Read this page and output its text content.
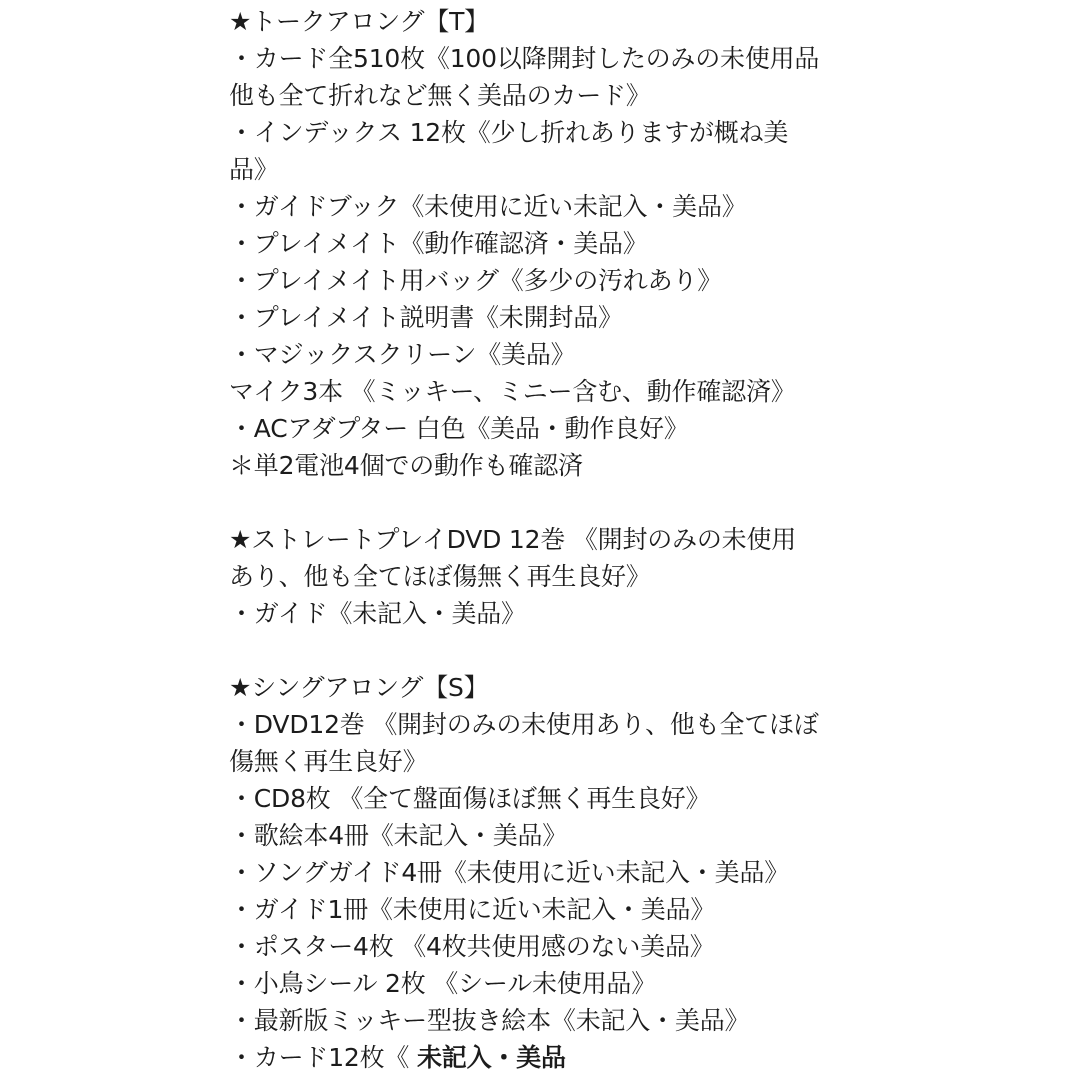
★トークアロング【T】
・カード全510枚《100以降開封したのみの未使用品
他も全て折れなど無く美品のカード》
・インデックス 12枚《少し折れありますが概ね美
品》
・ガイドブック《未使用に近い未記入・美品》
・プレイメイト《動作確認済・美品》
・プレイメイト用バッグ《多少の汚れあり》
・プレイメイト説明書《未開封品》
・マジックスクリーン《美品》
マイク3本 《ミッキー、ミニー含む、動作確認済》
・ACアダプター 白色《美品・動作良好》
＊単2電池4個での動作も確認済
★ストレートプレイDVD 12巻 《開封のみの未使用
あり、他も全てほぼ傷無く再生良好》
・ガイド《未記入・美品》
★シングアロング【S】
・DVD12巻 《開封のみの未使用あり、他も全てほぼ
傷無く再生良好》
・CD8枚 《全て盤面傷ほぼ無く再生良好》
・歌絵本4冊《未記入・美品》
・ソングガイド4冊《未使用に近い未記入・美品》
・ガイド1冊《未使用に近い未記入・美品》
・ポスター4枚 《4枚共使用感のない美品》
・小鳥シール 2枚 《シール未使用品》
・最新版ミッキー型抜き絵本《未記入・美品》
・カード12枚《 未記入・美品
